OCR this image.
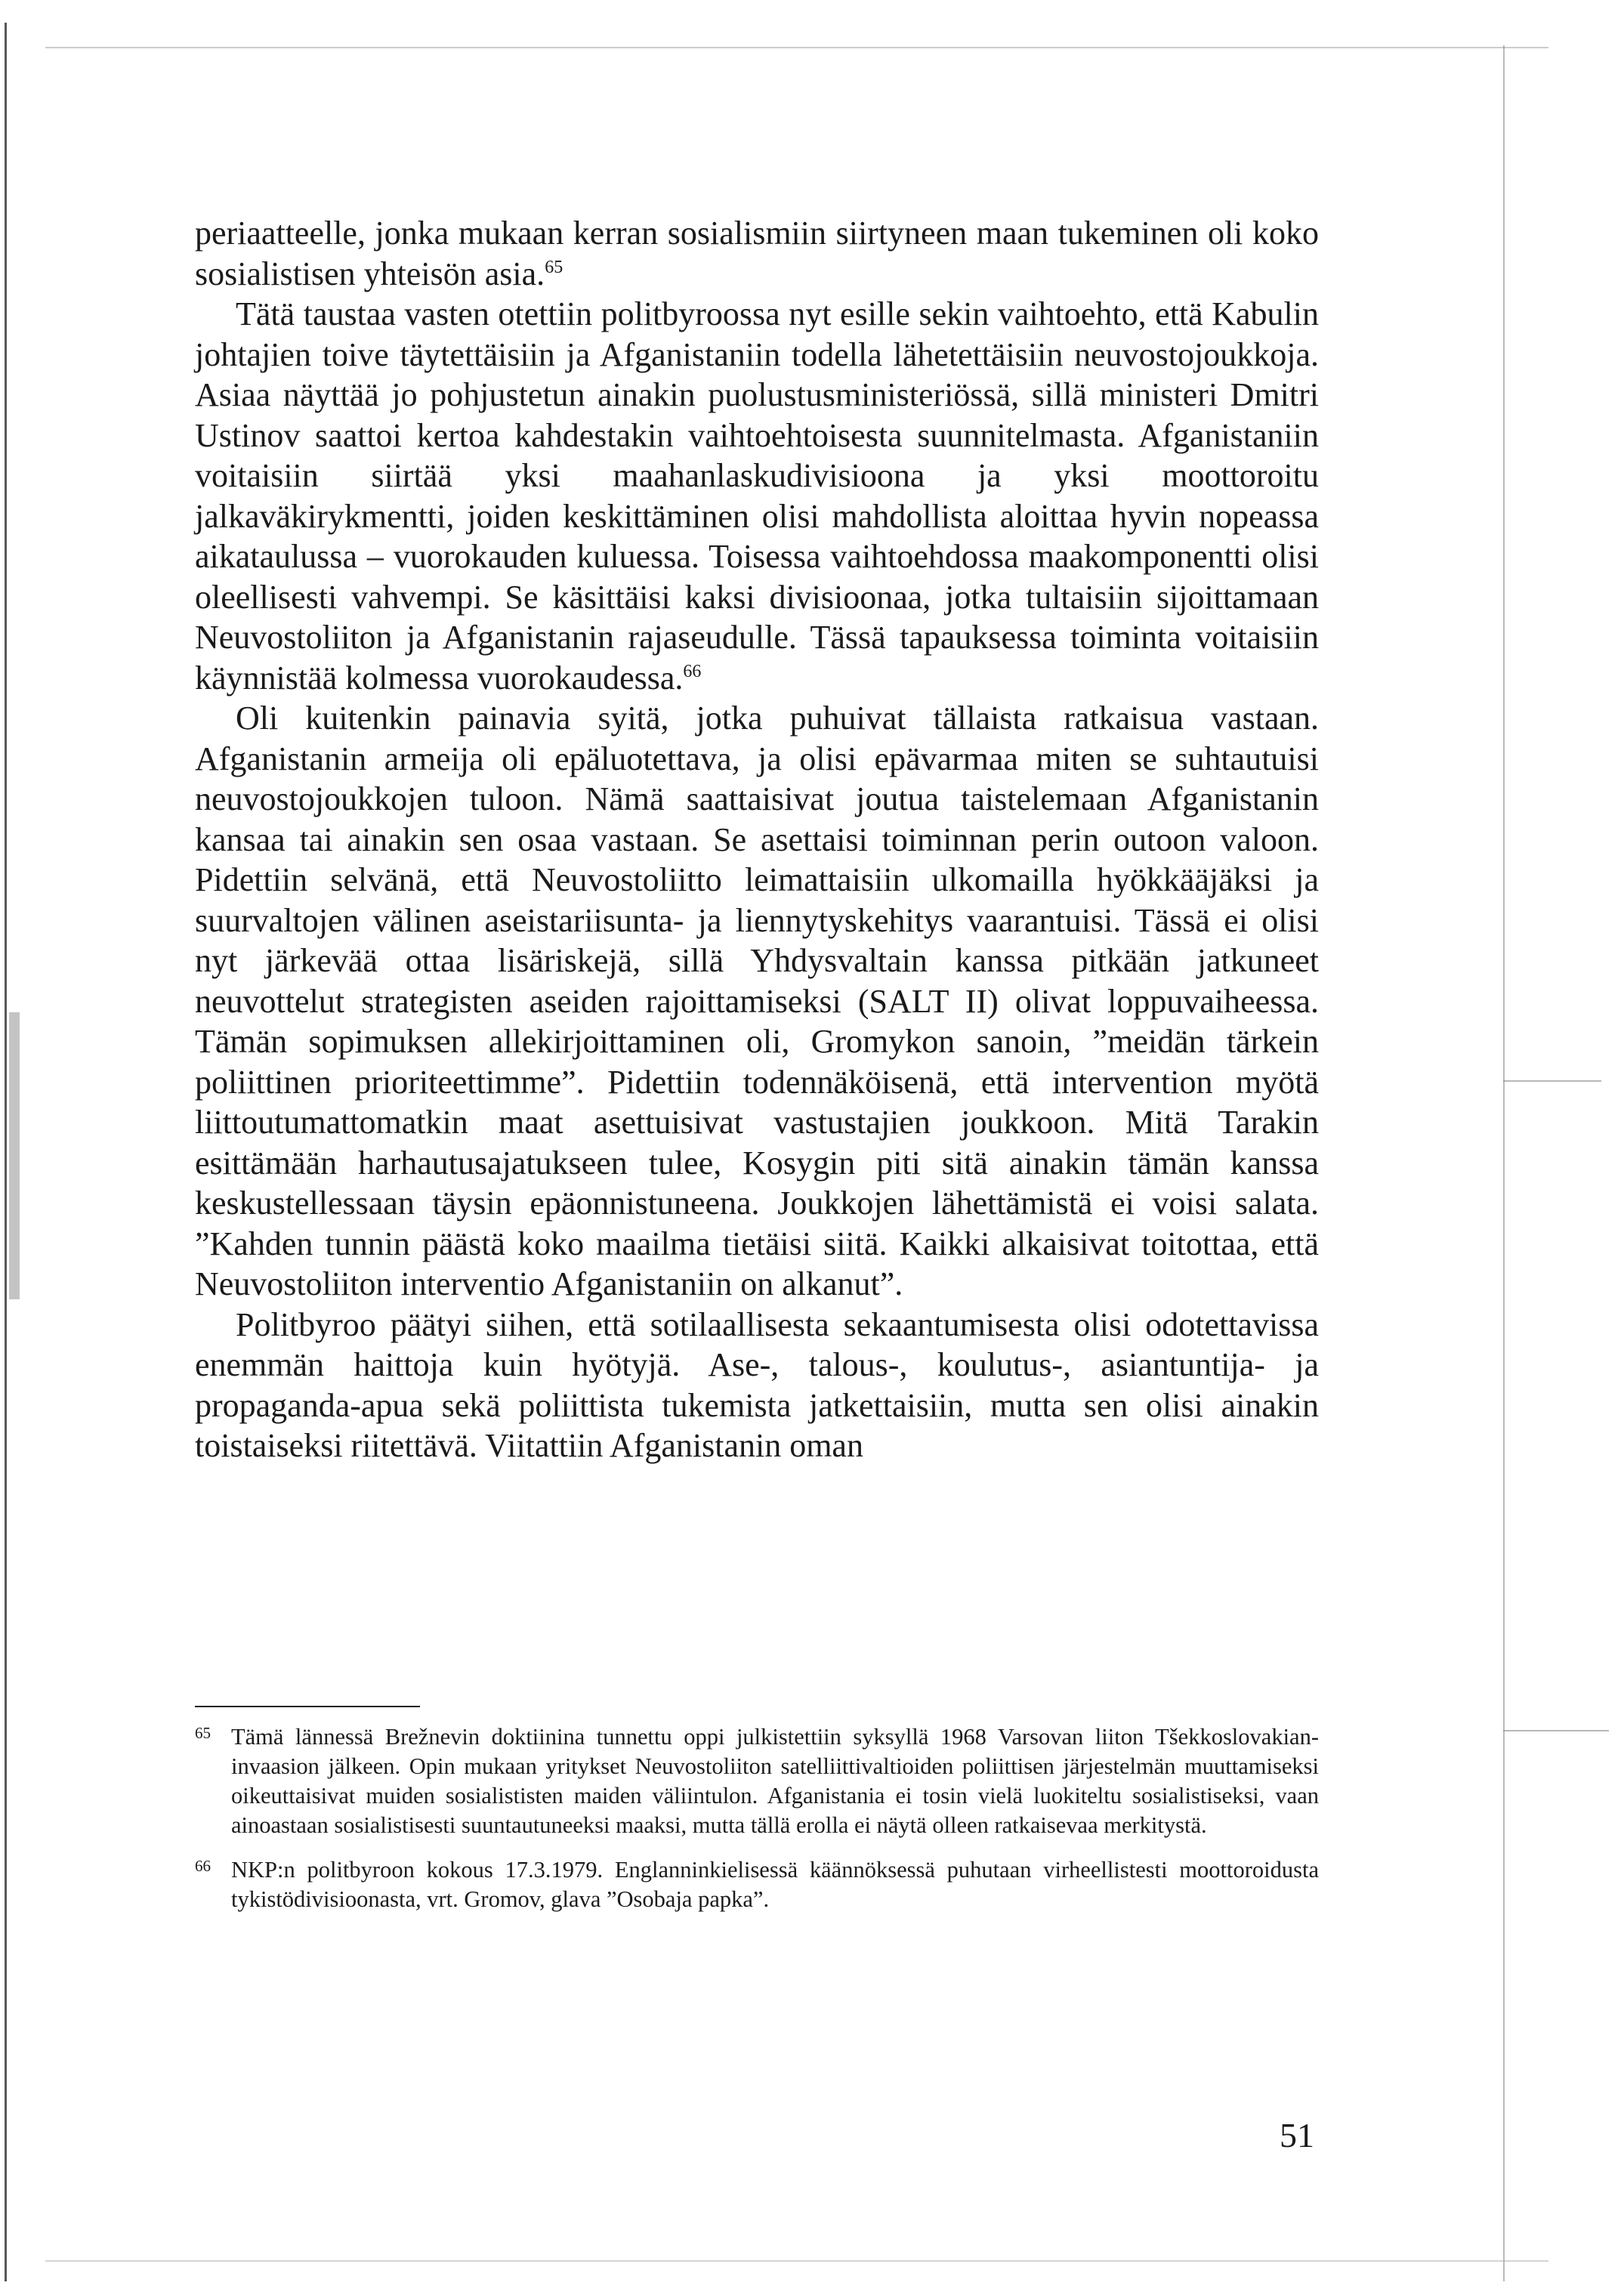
periaatteelle, jonka mukaan kerran sosialismiin siirtyneen maan tukeminen oli koko sosialistisen yhteisön asia.$^{65}$

Tätä taustaa vasten otettiin politbyroossa nyt esille sekin vaihtoehto, että Kabulin johtajien toive täytettäisiin ja Afganistaniin todella lähetettäisiin neuvostojoukkoja. Asiaa näyttää jo pohjustetun ainakin puolustusministeriössä, sillä ministeri Dmitri Ustinov saattoi kertoa kahdestakin vaihtoehtoisesta suunnitelmasta. Afganistaniin voitaisiin siirtää yksi maahanlaskudivisioona ja yksi moottoroitu jalkaväkirykmentti, joiden keskittäminen olisi mahdollista aloittaa hyvin nopeassa aikataulussa – vuorokauden kuluessa. Toisessa vaihtoehdossa maakomponentti olisi oleellisesti vahvempi. Se käsittäisi kaksi divisioonaa, jotka tultaisiin sijoittamaan Neuvostoliiton ja Afganistanin rajaseudulle. Tässä tapauksessa toiminta voitaisiin käynnistää kolmessa vuorokaudessa.$^{66}$

Oli kuitenkin painavia syitä, jotka puhuivat tällaista ratkaisua vastaan. Afganistanin armeija oli epäluotettava, ja olisi epävarmaa miten se suhtautuisi neuvostojoukkojen tuloon. Nämä saattaisivat joutua taistelemaan Afganistanin kansaa tai ainakin sen osaa vastaan. Se asettaisi toiminnan perin outoon valoon. Pidettiin selvänä, että Neuvostoliitto leimattaisiin ulkomailla hyökkääjäksi ja suurvaltojen välinen aseistariisunta- ja liennytyskehitys vaarantuisi. Tässä ei olisi nyt järkevää ottaa lisäriskejä, sillä Yhdysvaltain kanssa pitkään jatkuneet neuvottelut strategisten aseiden rajoittamiseksi (SALT II) olivat loppuvaiheessa. Tämän sopimuksen allekirjoittaminen oli, Gromykon sanoin, ”meidän tärkein poliittinen prioriteettimme”. Pidettiin todennäköisenä, että intervention myötä liittoutumattomatkin maat asettuisivat vastustajien joukkoon. Mitä Tarakin esittämään harhautusajatukseen tulee, Kosygin piti sitä ainakin tämän kanssa keskustellessaan täysin epäonnistuneena. Joukkojen lähettämistä ei voisi salata. ”Kahden tunnin päästä koko maailma tietäisi siitä. Kaikki alkaisivat toitottaa, että Neuvostoliiton interventio Afganistaniin on alkanut”.

Politbyroo päätyi siihen, että sotilaallisesta sekaantumisesta olisi odotettavissa enemmän haittoja kuin hyötyjä. Ase-, talous-, koulutus-, asiantuntija- ja propaganda-apua sekä poliittista tukemista jatkettaisiin, mutta sen olisi ainakin toistaiseksi riitettävä. Viitattiin Afganistanin oman

65 Tämä lännessä Brežnevin doktiinina tunnettu oppi julkistettiin syksyllä 1968 Varsovan liiton Tšekkoslovakian-invaasion jälkeen. Opin mukaan yritykset Neuvostoliiton satelliittivaltioiden poliittisen järjestelmän muuttamiseksi oikeuttaisivat muiden sosialististen maiden väliintulon. Afganistania ei tosin vielä luokiteltu sosialistiseksi, vaan ainoastaan sosialistisesti suuntautuneeksi maaksi, mutta tällä erolla ei näytä olleen ratkaisevaa merkitystä.
66 NKP:n politbyroon kokous 17.3.1979. Englanninkielisessä käännöksessä puhutaan virheellistesti moottoroidusta tykistödivisioonasta, vrt. Gromov, glava ”Osobaja papka”.
51
